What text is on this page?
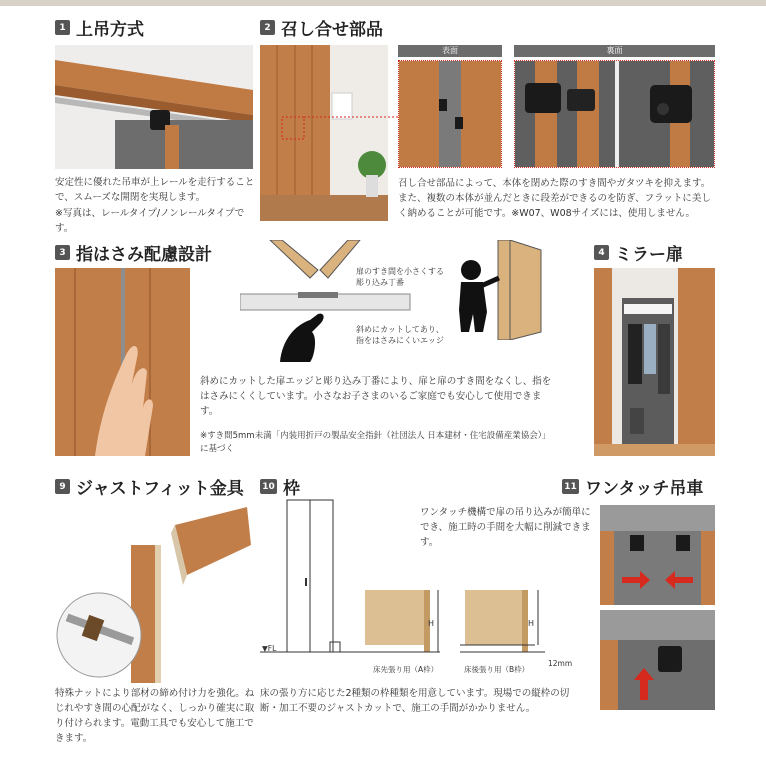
1 上吊方式
安定性に優れた吊車が上レールを走行することで、スムーズな開閉を実現します。
※写真は、レールタイプ/ノンレールタイプです。
2 召し合せ部品
表面	裏面
召し合せ部品によって、本体を閉めた際のすき間やガタツキを抑えます。また、複数の本体が並んだときに段差ができるのを防ぎ、フラットに美しく納めることが可能です。※W07、W08サイズには、使用しません。
3 指はさみ配慮設計
扉のすき間を小さくする
彫り込み丁番
斜めにカットしてあり、
指をはさみにくいエッジ
斜めにカットした扉エッジと彫り込み丁番により、扉と扉のすき間をなくし、指をはさみにくくしています。小さなお子さまのいるご家庭でも安心して使用できます。
※すき間5mm未満「内装用折戸の製品安全指針（社団法人 日本建材・住宅設備産業協会）」に基づく
4 ミラー扉
9 ジャストフィット金具
特殊ナットにより部材の締め付け力を強化。ねじれやすき間の心配がなく、しっかり確実に取り付けられます。電動工具でも安心して施工できます。
10 枠
▼FL
H	H
12mm
床先張り用（A枠）	床後張り用（B枠）
床の張り方に応じた2種類の枠種類を用意しています。現場での縦枠の切断・加工不要のジャストカットで、施工の手間がかかりません。
11 ワンタッチ吊車
ワンタッチ機構で扉の吊り込みが簡単にでき、施工時の手間を大幅に削減できます。
